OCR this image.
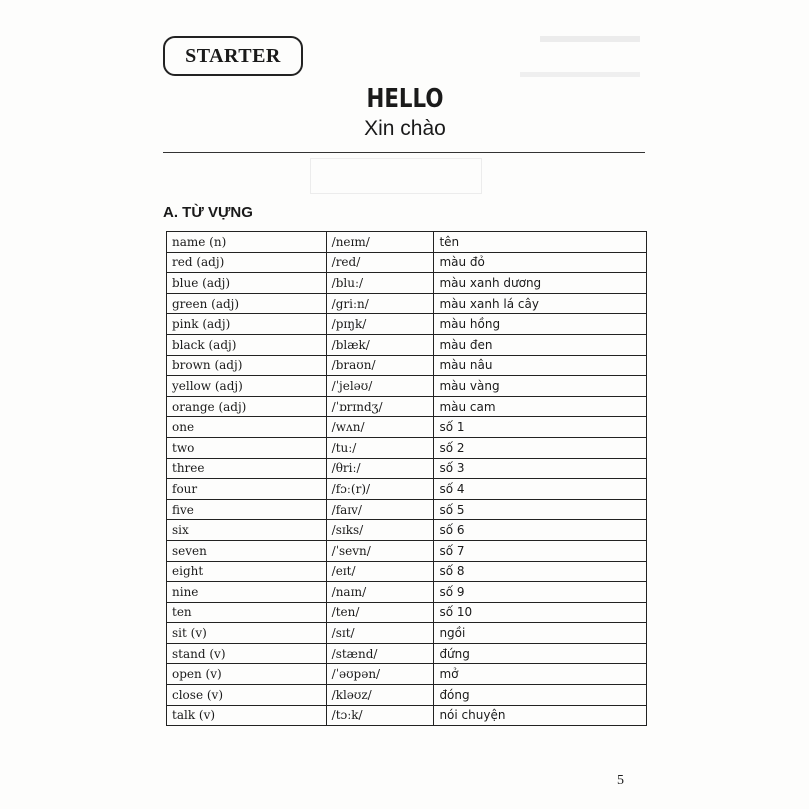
STARTER
HELLO
Xin chào
A. TỪ VỰNG
name (n)	/neɪm/	tên
red (adj)	/red/	màu đỏ
blue (adj)	/bluː/	màu xanh dương
green (adj)	/griːn/	màu xanh lá cây
pink (adj)	/pɪŋk/	màu hồng
black (adj)	/blæk/	màu đen
brown (adj)	/braʊn/	màu nâu
yellow (adj)	/ˈjeləʊ/	màu vàng
orange (adj)	/ˈɒrɪndʒ/	màu cam
one	/wʌn/	số 1
two	/tuː/	số 2
three	/θriː/	số 3
four	/fɔː(r)/	số 4
five	/faɪv/	số 5
six	/sɪks/	số 6
seven	/ˈsevn/	số 7
eight	/eɪt/	số 8
nine	/naɪn/	số 9
ten	/ten/	số 10
sit (v)	/sɪt/	ngồi
stand (v)	/stænd/	đứng
open (v)	/ˈəʊpən/	mở
close (v)	/kləʊz/	đóng
talk (v)	/tɔːk/	nói chuyện
5
